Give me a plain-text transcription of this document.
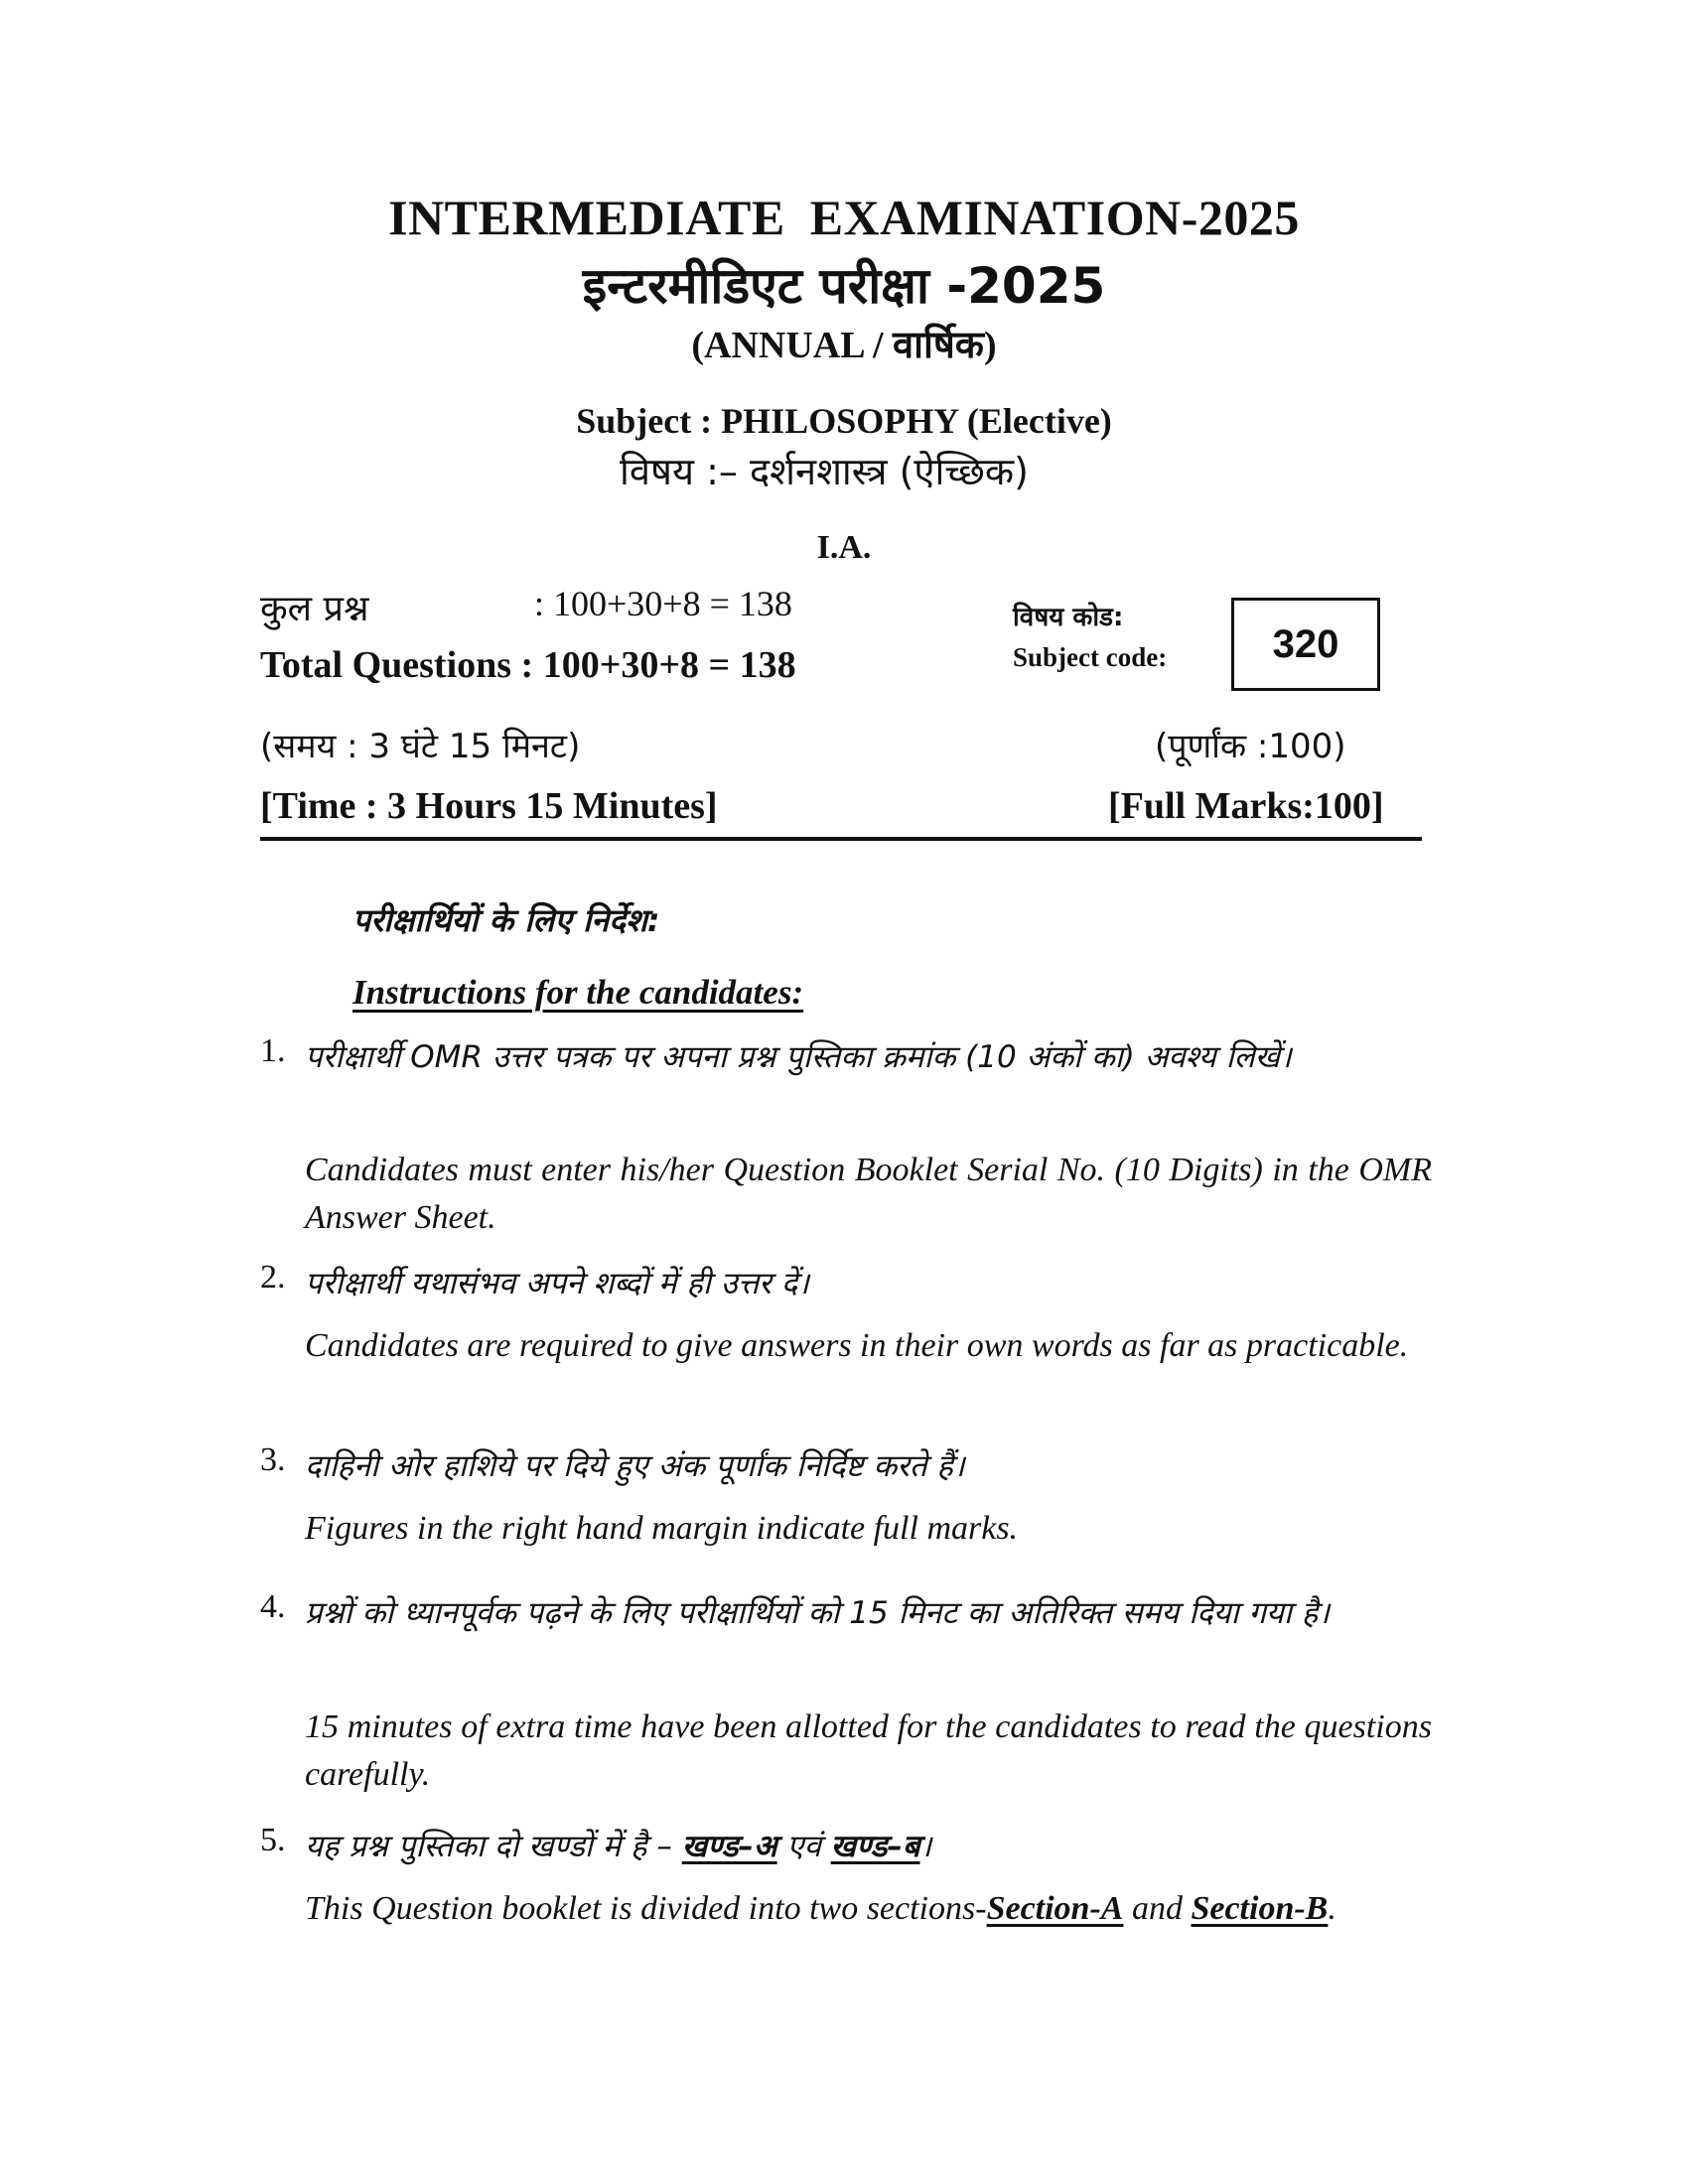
INTERMEDIATE EXAMINATION-2025
इन्टरमीडिएट परीक्षा -2025
(ANNUAL / वार्षिक)
Subject : PHILOSOPHY (Elective)
विषय :– दर्शनशास्त्र (ऐच्छिक)
I.A.
कुल प्रश्न	: 100+30+8 = 138
Total Questions : 100+30+8 = 138
विषय कोड:
Subject code:	320
(समय : 3 घंटे 15 मिनट)	(पूर्णांक :100)
[Time : 3 Hours 15 Minutes]	[Full Marks:100]
परीक्षार्थियों के लिए निर्देश:
Instructions for the candidates:
1. परीक्षार्थी OMR उत्तर पत्रक पर अपना प्रश्न पुस्तिका क्रमांक (10 अंकों का) अवश्य लिखें।
Candidates must enter his/her Question Booklet Serial No. (10 Digits) in the OMR Answer Sheet.
2. परीक्षार्थी यथासंभव अपने शब्दों में ही उत्तर दें।
Candidates are required to give answers in their own words as far as practicable.
3. दाहिनी ओर हाशिये पर दिये हुए अंक पूर्णांक निर्दिष्ट करते हैं।
Figures in the right hand margin indicate full marks.
4. प्रश्नों को ध्यानपूर्वक पढ़ने के लिए परीक्षार्थियों को 15 मिनट का अतिरिक्त समय दिया गया है।
15 minutes of extra time have been allotted for the candidates to read the questions carefully.
5. यह प्रश्न पुस्तिका दो खण्डों में है – खण्ड–अ एवं खण्ड–ब।
This Question booklet is divided into two sections-Section-A and Section-B.
